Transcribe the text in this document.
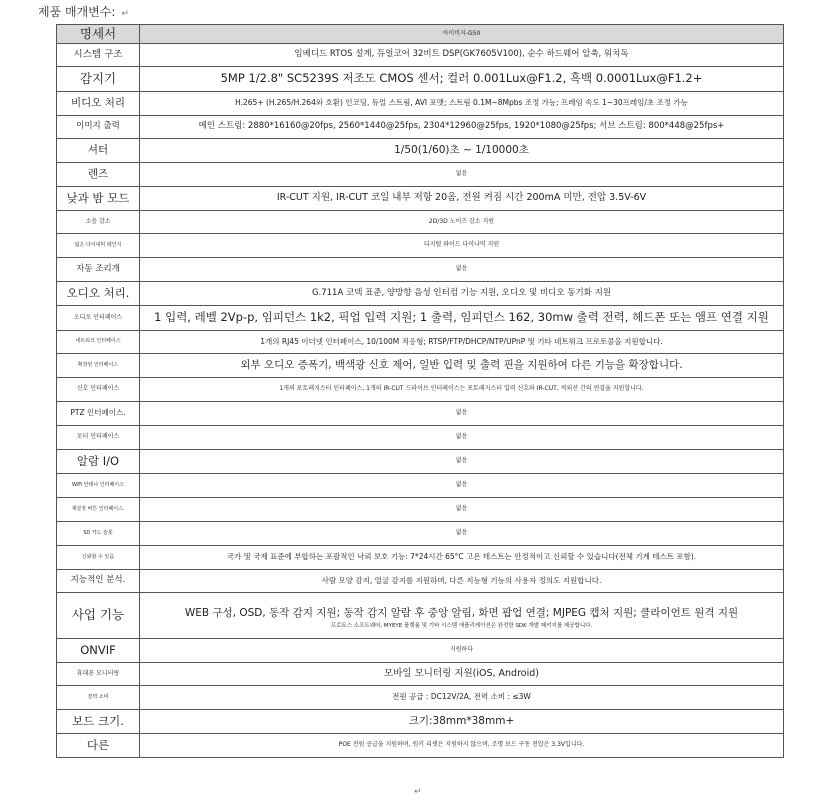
제품 매개변수: ↵
명세서	아이비지-G50
시스템 구조	임베디드 RTOS 설계, 듀얼코어 32비트 DSP(GK7605V100), 순수 하드웨어 압축, 워치독
감지기	5MP 1/2.8" SC5239S 저조도 CMOS 센서; 컬러 0.001Lux@F1.2, 흑백 0.0001Lux@F1.2+
비디오 처리	H.265+ (H.265/H.264와 호환) 인코딩, 듀얼 스트림, AVI 포맷; 스트림 0.1M~8Mpbs 조정 가능; 프레임 속도 1~30프레임/초 조정 가능
이미지 출력	메인 스트림: 2880*16160@20fps, 2560*1440@25fps, 2304*12960@25fps, 1920*1080@25fps; 서브 스트림: 800*448@25fps+
셔터	1/50(1/60)초 ~ 1/10000초
렌즈	없음
낮과 밤 모드	IR-CUT 지원, IR-CUT 코일 내부 저항 20옴, 전원 켜짐 시간 200mA 미만, 전압 3.5V-6V
소음 감소	2D/3D 노이즈 감소 지원
넓은 다이내믹 레인지	디지털 와이드 다이나믹 지원
자동 조리개	없음
오디오 처리.	G.711A 코덱 표준, 양방향 음성 인터컴 기능 지원, 오디오 및 비디오 동기화 지원
오디오 인터페이스	1 입력, 레벨 2Vp-p, 임피던스 1k2, 픽업 입력 지원; 1 출력, 임피던스 162, 30mw 출력 전력, 헤드폰 또는 앰프 연결 지원
네트워크 인터페이스	1개의 RJ45 이더넷 인터페이스, 10/100M 적응형; RTSP/FTP/DHCP/NTP/UPnP 및 기타 네트워크 프로토콜을 지원합니다.
확장된 인터페이스	외부 오디오 증폭기, 백색광 신호 제어, 일반 입력 및 출력 핀을 지원하여 다른 기능을 확장합니다.
신호 인터페이스	1개의 포토레지스터 인터페이스, 1개의 IR-CUT 드라이브 인터페이스는 포토레지스터 입력 신호와 IR-CUT, 적외선 간의 연결을 지원합니다.
PTZ 인터페이스.	없음
모터 인터페이스	없음
알람 I/O	없음
WiFi 안테나 인터페이스	없음
재설정 버튼 인터페이스.	없음
SD 카드 슬롯	없음
신뢰할 수 있음	국가 및 국제 표준에 부합하는 포괄적인 낙뢰 보호 기능: 7*24시간 65°C 고온 테스트는 안정적이고 신뢰할 수 있습니다(전체 기계 테스트 포함).
지능적인 분석.	사람 모양 감지, 얼굴 감지를 지원하며, 다른 지능형 기능의 사용자 정의도 지원합니다.
사업 기능	WEB 구성, OSD, 동작 감지 지원; 동작 감지 알람 후 중앙 알림, 화면 팝업 연결; MJPEG 캡처 지원; 클라이언트 원격 지원
프로토스 소프트웨어, MYEYE 플랫폼 및 기타 시스템 애플리케이션은 완전한 SDK 개발 패키지를 제공합니다.

ONVIF	지원하다
휴대폰 모니터링	모바일 모니터링 지원(iOS, Android)
전력 소비	전원 공급 : DC12V/2A, 전력 소비 : ≤3W
보드 크기.	크기:38mm*38mm+
다른	POE 전원 공급을 지원하며, 원키 리셋은 지원하지 않으며, 조명 보드 구동 전압은 3.3V입니다.
↵
